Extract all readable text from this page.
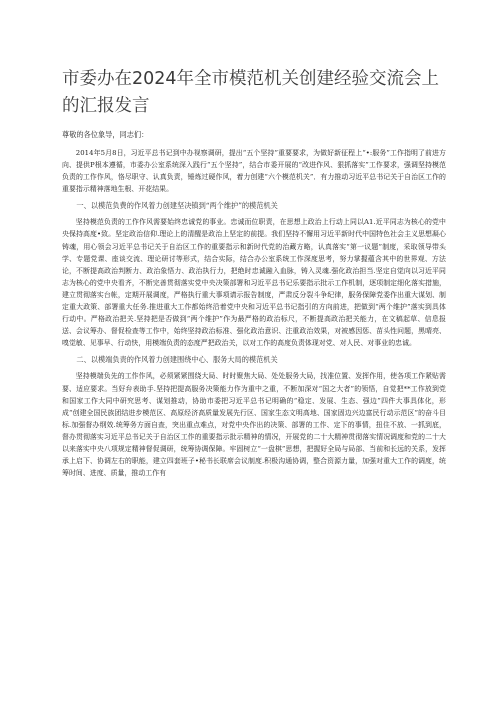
市委办在2024年全市模范机关创建经验交流会上的汇报发言

尊敬的各位象导，同志们：

2014年5月8日，习近平总书记到中办视察调研，提出“五个坚持”重要要求，为做好新征程上“•:服务”工作指明了前进方向、提供P根本遵循，市委办公室系统深入践行“五个坚持”，结合市委开展的“改进作风、狠抓落实”工作要求，强调坚持模范负责的工作作风，恪尽职守、认真负责，锤炼过硬作风，着力创建“六个模范机关”．有力推动习近平总书记关于自治区工作的重要指示精神落地生根、开花结果。

一、以模范负费的作风着力创建坚决镇到“两个维护”的模范机关

坚持模范负责的工作作风需要始终忠诚党的事业。忠诚而位职责，在思想上政治上行动上同以A1.近平同志为核心的党中央保持高度•致。坚定政治信仰.理论上的清醒是政治上坚定的前提。我们坚持不懈用习近平新时代中国特色社会主义思想凝心铸魂，用心领会习近平总书记关于自治区工作的重要指示和新时代党的治藏方略，认真落实“第一议题”制度，采取领导带头学、专题党课、座谈交流、理论研讨等形式，结合实际，结合办公室系统工作深度思考，努力掌握蕴含其中的世界观、方法论，不断提高政治判断力、政治象悟力、政治执行力，把绝时忠诚融入血脉，铸入灵魂.强化政治担当.坚定自觉向以习近平同志为核心的党中央看齐，不断完善贯彻落实党中央决策部署和习近平总书记乐要指示批示工作机制，逐项制定细化落实措施，建立贯彻落实台帐，定期开展调度，严格执行重大事项请示报告制度，严肃反分裂斗争纪律，服务保障党委作出重大谋划、制定重大政策、部署重大任务.推进重大工作都始终沿着党中央和习近平总书记指引的方向前进，把做到“两个维护”落实到具体行动中。严格政治把关.坚持把是否做到“两个维护”作为最严格的政治标尺，不断提高政治把关能力，在文稿起草、信息报送、会议筹办、督促检查等工作中，始终坚持政治标准、强化政治意识、注重政治效果，对被感因惩、苗头性问题，黑晴亮、嗅觉敏、见事早、行动快，用模端负责的态度严把政治关，以对工作的高度负责体现对党、对人民、对事业的忠诚。

二、以模端负责的作风着力创建围绕中心、服务大局的模范机关

坚持模端负先的工作作风，必须紧紧围绕大局、时时聚焦大局、处处服务大局，找准位置、发挥作用，使各项工作紧贴需要、适应要求。当好弁表助手.坚持把提高服务决策能力作为重中之重，不断加深对“国之大者”的领悟，自觉把**工作放到党和国家工作大同中研究思考、谋划推动，协助市委把习近平总书记明确的“稳定、发展、生态、强边”四件大事具体化，形成“创建全国民族团结进步模范区、高原经济高质量发展先行区、国家生态文明高地、国家固边兴边富民行动示范区”的奋斗目标.加强督办纲效.统筹务方面自查，突出重点难点，对党中央作出的决策、部署的工作、定下的事情，扭住不放、一抓到底，督办贯彻落实习近平总书记关于自治区工作的重要指示批示精神的情况，开展党的二十大精神贯彻落实情况调度和党的二十大以来落实中央八项规定精神督促调研，统筹协调保障。牢固树立“一盘棋”思想，把握好全局与局部、当前和长远的关系，发挥承上启下、协调左右的职能，建立四套班子•秘书长联席会议制度.积极沟通协调，整合资源力量，加强对重大工作的调度，统筹时间、进度、质量，推动工作有
